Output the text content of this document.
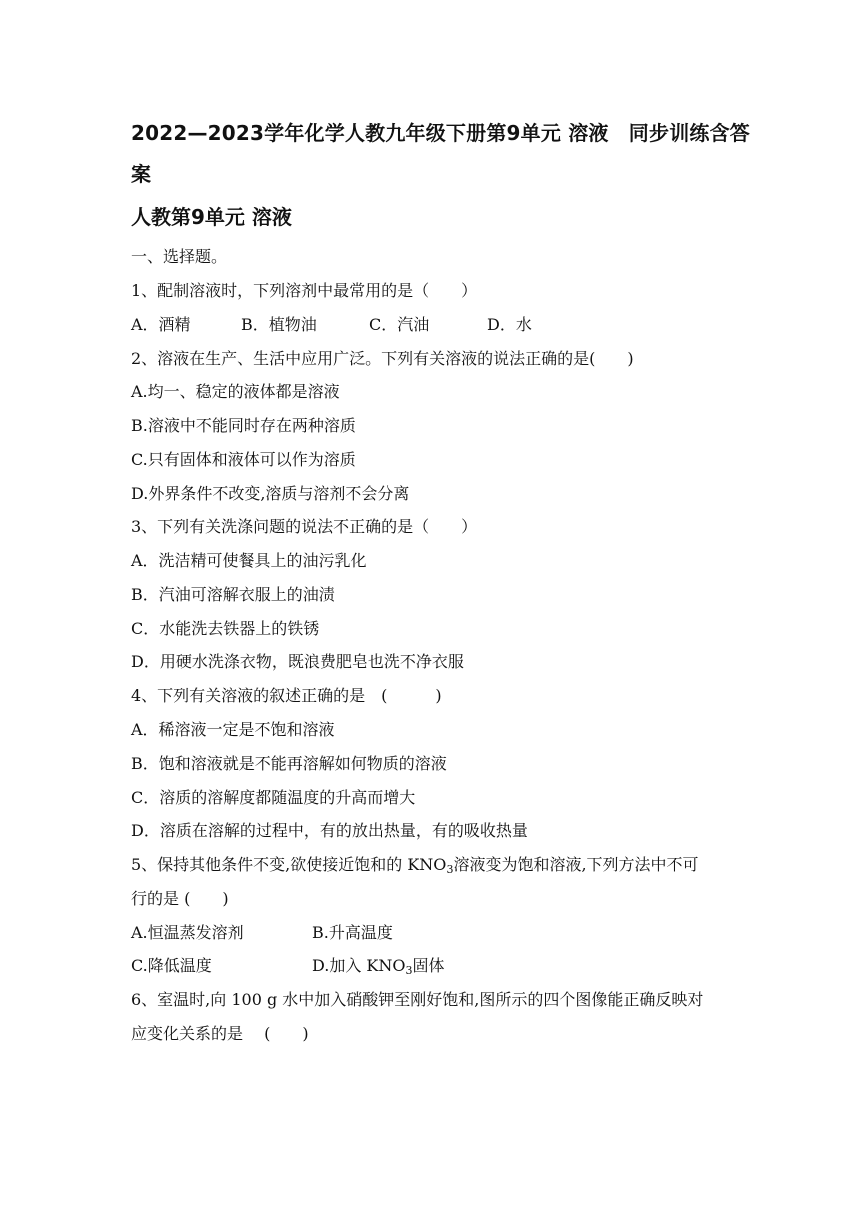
2022—2023学年化学人教九年级下册第9单元 溶液　同步训练含答
案
人教第9单元 溶液

一、选择题。

1、配制溶液时，下列溶剂中最常用的是（　　）

A．酒精	B．植物油	C．汽油	D．水

2、溶液在生产、生活中应用广泛。下列有关溶液的说法正确的是(　　)

A.均一、稳定的液体都是溶液

B.溶液中不能同时存在两种溶质

C.只有固体和液体可以作为溶质

D.外界条件不改变,溶质与溶剂不会分离

3、下列有关洗涤问题的说法不正确的是（　　）

A．洗洁精可使餐具上的油污乳化

B．汽油可溶解衣服上的油渍

C．水能洗去铁器上的铁锈

D．用硬水洗涤衣物，既浪费肥皂也洗不净衣服

4、下列有关溶液的叙述正确的是　(　　　)

A．稀溶液一定是不饱和溶液

B．饱和溶液就是不能再溶解如何物质的溶液

C．溶质的溶解度都随温度的升高而增大

D．溶质在溶解的过程中，有的放出热量，有的吸收热量

5、保持其他条件不变,欲使接近饱和的 $KNO_3$溶液变为饱和溶液,下列方法中不可

行的是 (　　)

A.恒温蒸发溶剂	B.升高温度

C.降低温度	D.加入 $KNO_3$固体

6、室温时,向 100 g 水中加入硝酸钾至刚好饱和,图所示的四个图像能正确反映对

应变化关系的是　 (　　)
